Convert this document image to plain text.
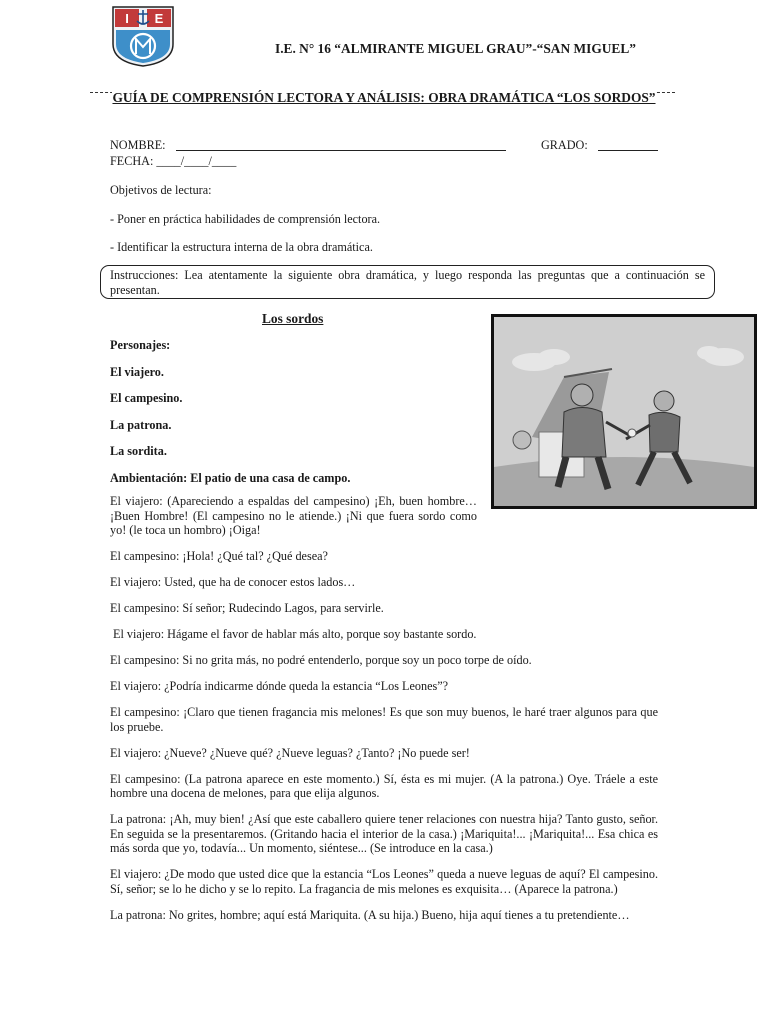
I E
I.E. N° 16 “ALMIRANTE MIGUEL GRAU”-“SAN MIGUEL”
GUÍA DE COMPRENSIÓN LECTORA Y ANÁLISIS: OBRA DRAMÁTICA “LOS SORDOS”
NOMBRE:	GRADO:
FECHA: ____/____/____

Objetivos de lectura:

- Poner en práctica habilidades de comprensión lectora.

- Identificar la estructura interna de la obra dramática.

Instrucciones: Lea atentamente la siguiente obra dramática, y luego responda las preguntas que a continuación se presentan.
Los sordos

Personajes:

El viajero.

El campesino.

La patrona.

La sordita.

Ambientación: El patio de una casa de campo.

El viajero: (Apareciendo a espaldas del campesino) ¡Eh, buen hombre… ¡Buen Hombre! (El campesino no le atiende.) ¡Ni que fuera sordo como yo! (le toca un hombro) ¡Oiga!

El campesino: ¡Hola! ¿Qué tal? ¿Qué desea?

El viajero: Usted, que ha de conocer estos lados…

El campesino: Sí señor; Rudecindo Lagos, para servirle.

El viajero: Hágame el favor de hablar más alto, porque soy bastante sordo.

El campesino: Si no grita más, no podré entenderlo, porque soy un poco torpe de oído.

El viajero: ¿Podría indicarme dónde queda la estancia “Los Leones”?

El campesino: ¡Claro que tienen fragancia mis melones! Es que son muy buenos, le haré traer algunos para que los pruebe.

El viajero: ¿Nueve? ¿Nueve qué? ¿Nueve leguas? ¿Tanto? ¡No puede ser!

El campesino: (La patrona aparece en este momento.) Sí, ésta es mi mujer. (A la patrona.) Oye. Tráele a este hombre una docena de melones, para que elija algunos.

La patrona: ¡Ah, muy bien! ¿Así que este caballero quiere tener relaciones con nuestra hija? Tanto gusto, señor. En seguida se la presentaremos. (Gritando hacia el interior de la casa.) ¡Mariquita!... ¡Mariquita!... Esa chica es más sorda que yo, todavía... Un momento, siéntese... (Se introduce en la casa.)

El viajero: ¿De modo que usted dice que la estancia “Los Leones” queda a nueve leguas de aquí? El campesino. Sí, señor; se lo he dicho y se lo repito. La fragancia de mis melones es exquisita… (Aparece la patrona.)

La patrona: No grites, hombre; aquí está Mariquita. (A su hija.) Bueno, hija aquí tienes a tu pretendiente…
